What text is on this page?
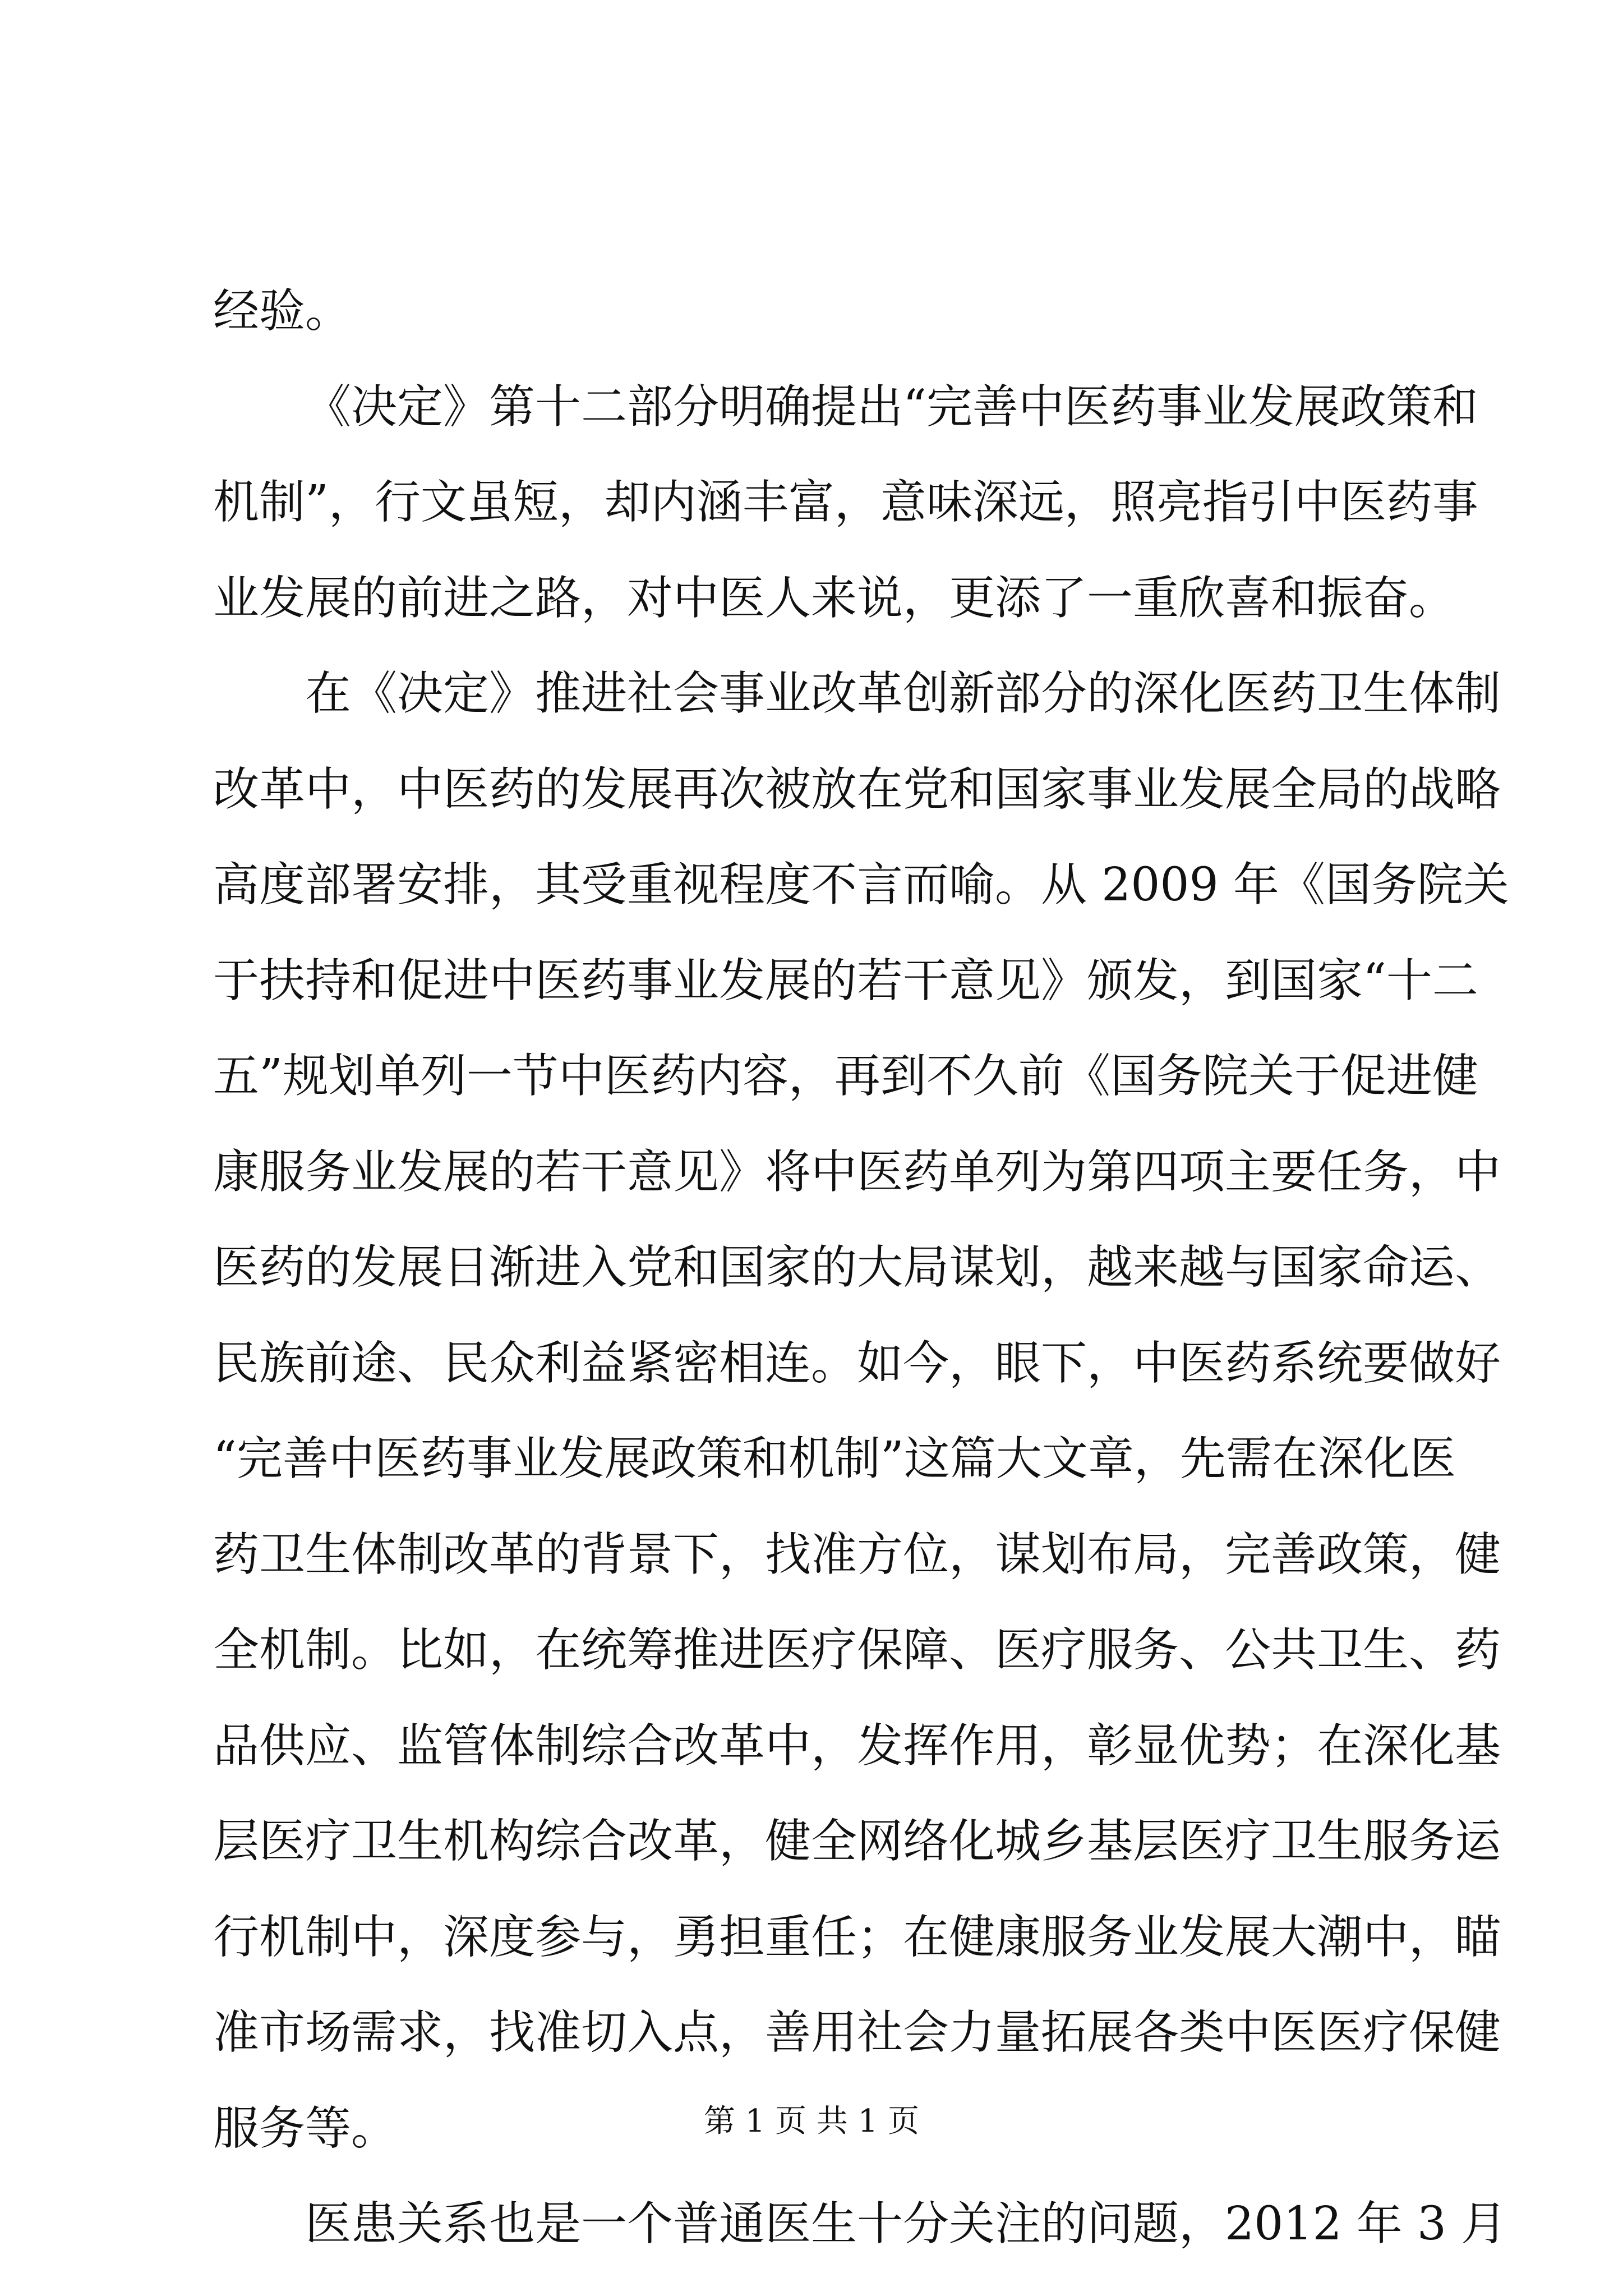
经验。
《决定》第十二部分明确提出“完善中医药事业发展政策和
机制”，行文虽短，却内涵丰富，意味深远，照亮指引中医药事
业发展的前进之路，对中医人来说，更添了一重欣喜和振奋。
在《决定》推进社会事业改革创新部分的深化医药卫生体制
改革中，中医药的发展再次被放在党和国家事业发展全局的战略
高度部署安排，其受重视程度不言而喻。从 2009 年《国务院关
于扶持和促进中医药事业发展的若干意见》颁发，到国家“十二
五”规划单列一节中医药内容，再到不久前《国务院关于促进健
康服务业发展的若干意见》将中医药单列为第四项主要任务，中
医药的发展日渐进入党和国家的大局谋划，越来越与国家命运、
民族前途、民众利益紧密相连。如今，眼下，中医药系统要做好
“完善中医药事业发展政策和机制”这篇大文章，先需在深化医
药卫生体制改革的背景下，找准方位，谋划布局，完善政策，健
全机制。比如，在统筹推进医疗保障、医疗服务、公共卫生、药
品供应、监管体制综合改革中，发挥作用，彰显优势；在深化基
层医疗卫生机构综合改革，健全网络化城乡基层医疗卫生服务运
行机制中，深度参与，勇担重任；在健康服务业发展大潮中，瞄
准市场需求，找准切入点，善用社会力量拓展各类中医医疗保健
服务等。
医患关系也是一个普通医生十分关注的问题，2012 年 3 月
第 1 页 共 1 页
